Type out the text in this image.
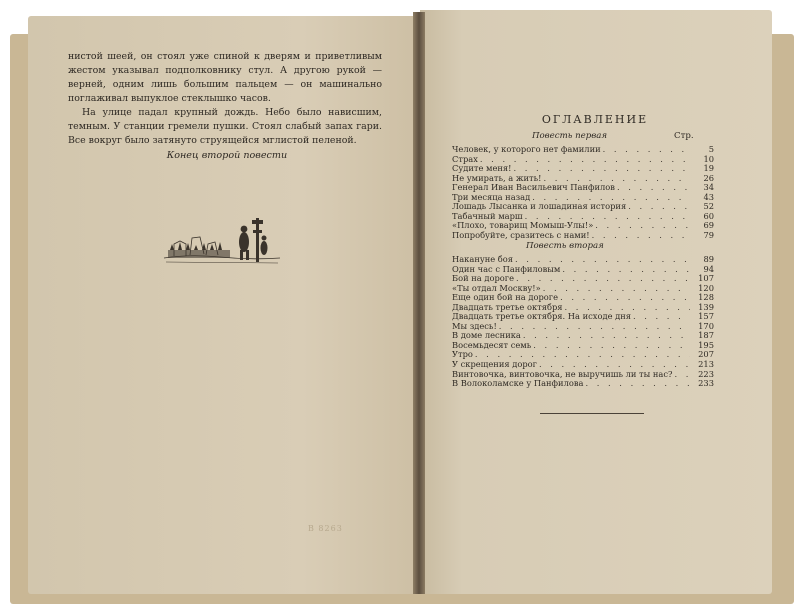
нистой шеей, он стоял уже спиной к дверям и приветливым жестом указывал подполковнику стул. А другою рукой — верней, одним лишь большим пальцем — он машинально поглаживал выпуклое стеклышко часов.

На улице падал крупный дождь. Небо было нависшим, темным. У станции гремели пушки. Стоял слабый запах гари. Все вокруг было затянуто струящейся мглистой пеленой.

Конец второй повести
B 8263
ОГЛАВЛЕНИЕ
Повесть первая	Стр.
Человек, у которого нет фамилии . . .	5
Страх . . .	10
Судите меня! . . .	19
Не умирать, а жить! . . .	26
Генерал Иван Васильевич Панфилов . . .	34
Три месяца назад . . .	43
Лошадь Лысанка и лошадиная история . . .	52
Табачный марш . . .	60
«Плохо, товарищ Момыш-Улы!» . . .	69
Попробуйте, сразитесь с нами! . . .	79
Повесть вторая
Накануне боя . . .	89
Один час с Панфиловым . . .	94
Бой на дороге . . .	107
«Ты отдал Москву!» . . .	120
Еще один бой на дороге . . .	128
Двадцать третье октября . . .	139
Двадцать третье октября. На исходе дня . . .	157
Мы здесь! . . .	170
В доме лесника . . .	187
Восемьдесят семь . . .	195
Утро . . .	207
У скрещения дорог . . .	213
Винтовочка, винтовочка, не выручишь ли ты нас? . . .	223
В Волоколамске у Панфилова . . .	233
